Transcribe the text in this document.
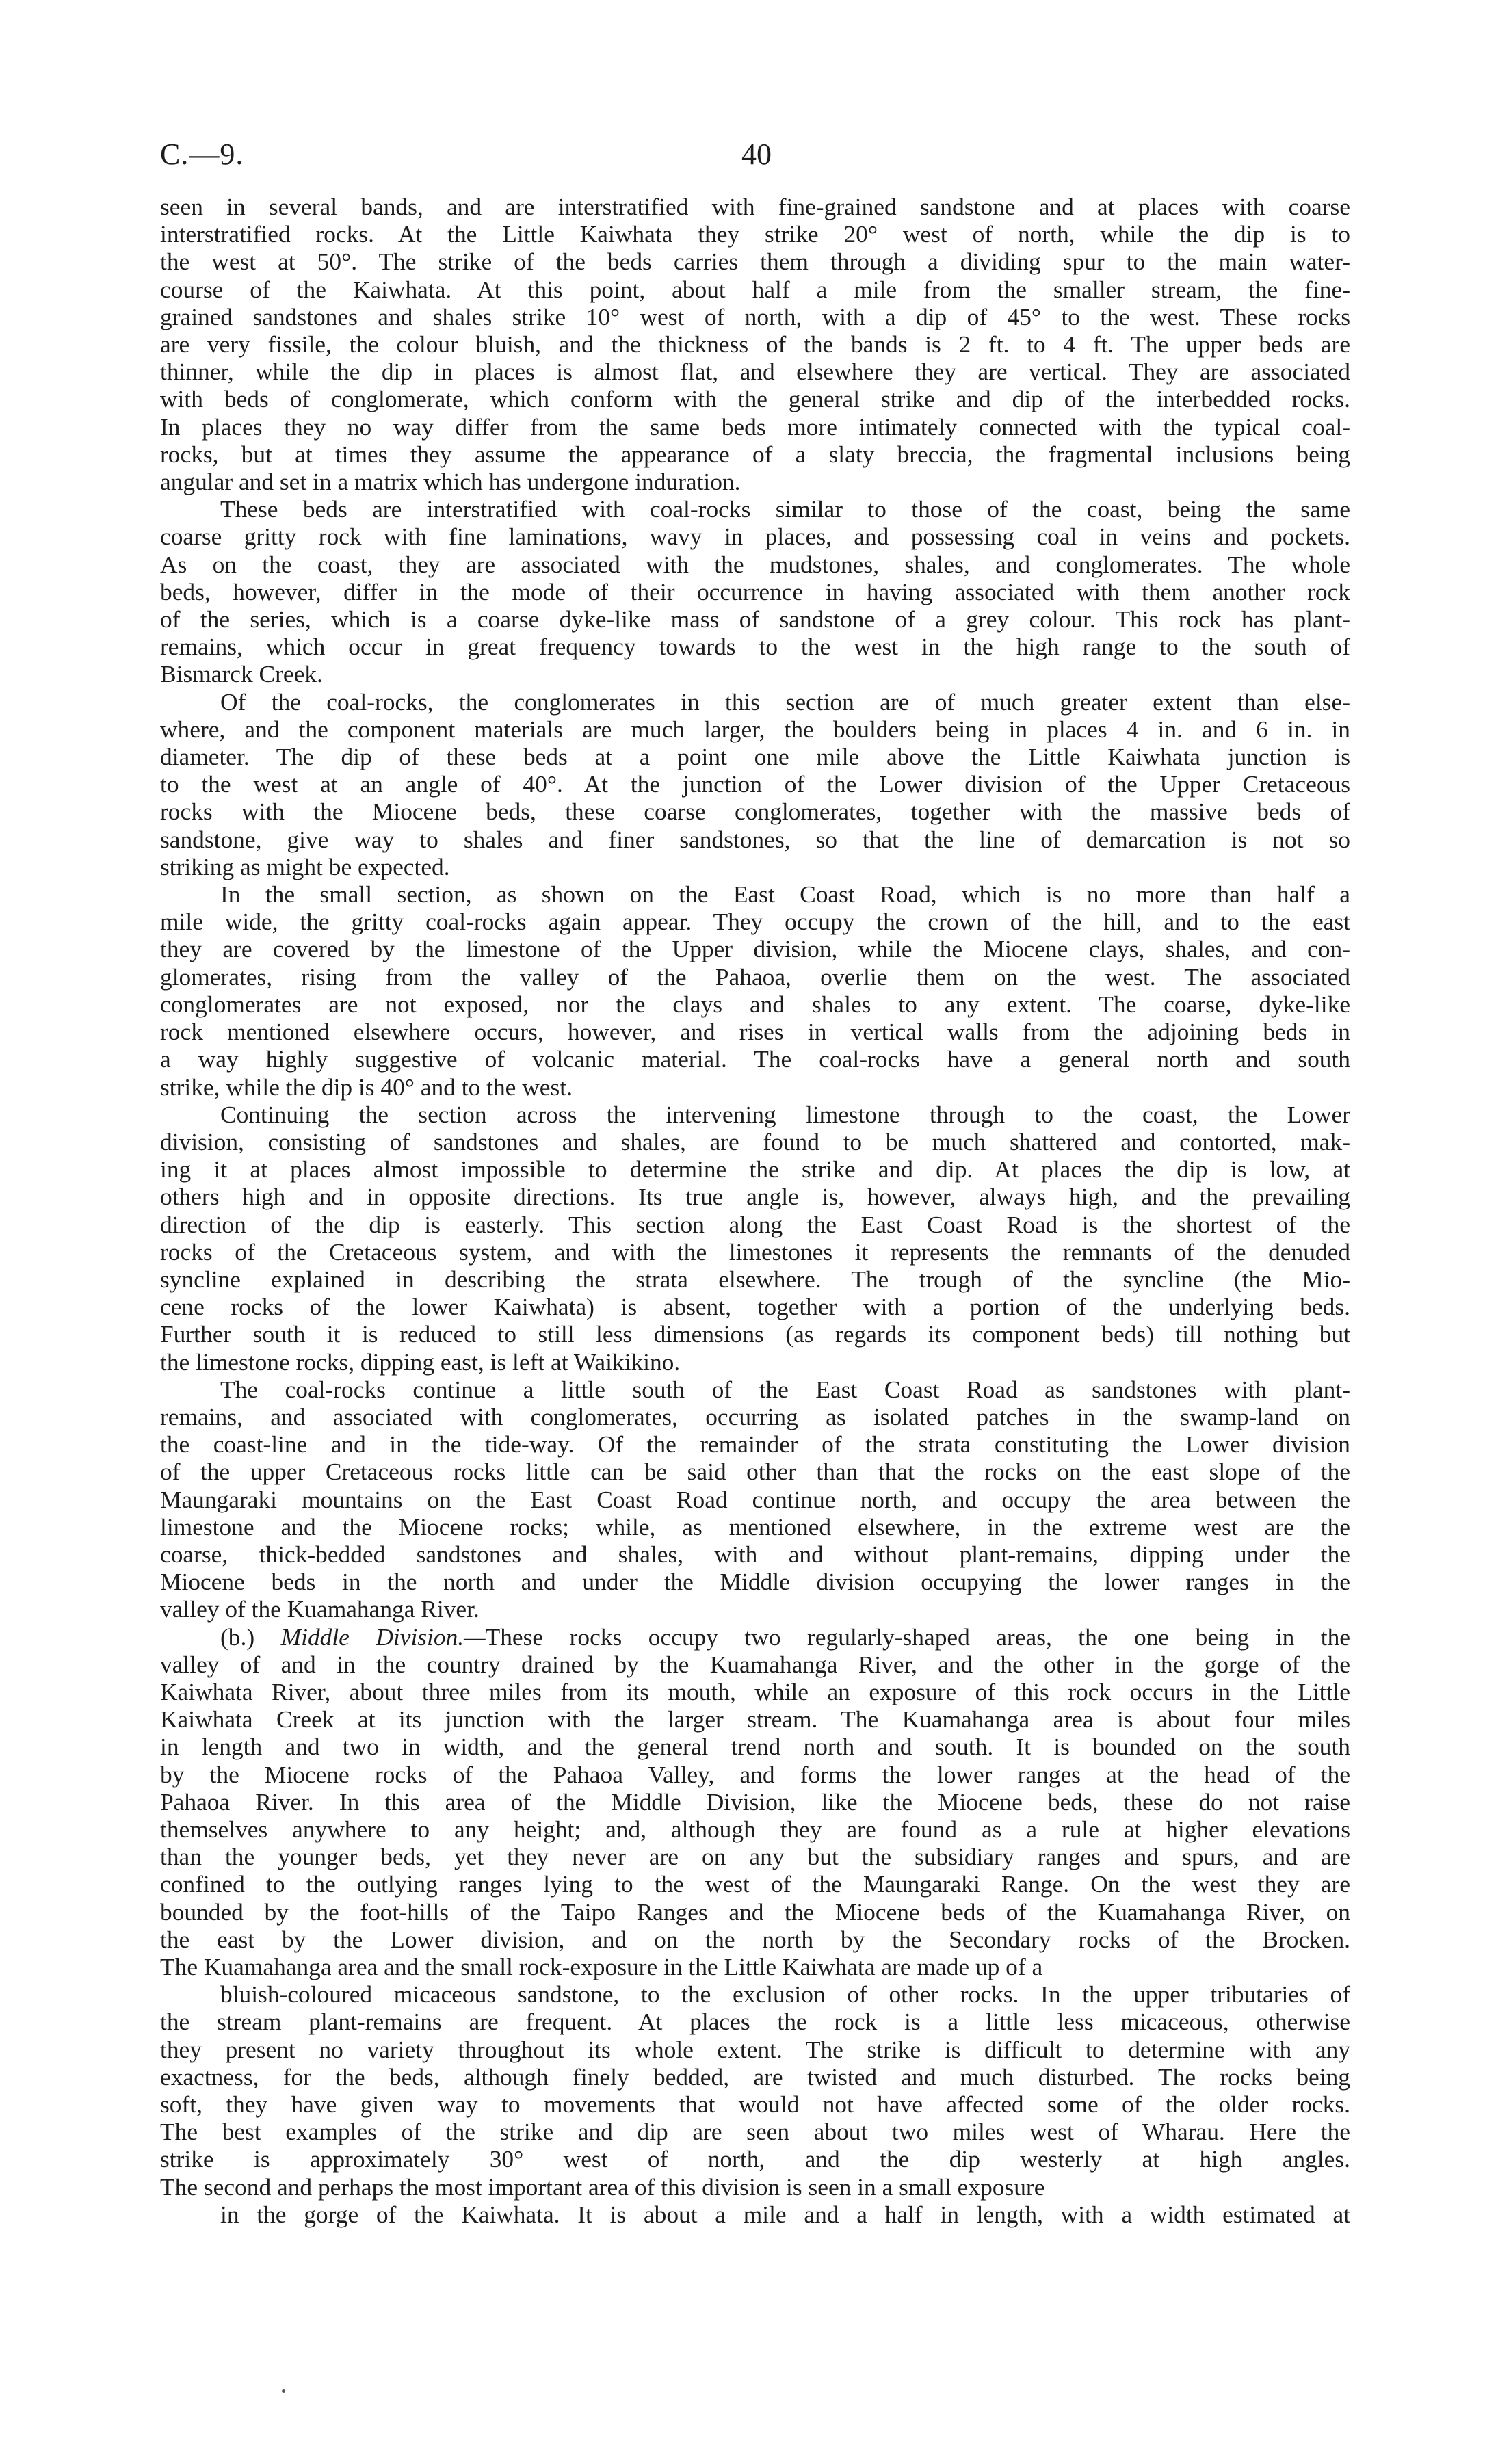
C.—9.	40
seen in several bands, and are interstratified with fine-grained sandstone and at places with coarse
interstratified rocks. At the Little Kaiwhata they strike 20° west of north, while the dip is to
the west at 50°. The strike of the beds carries them through a dividing spur to the main water-
course of the Kaiwhata. At this point, about half a mile from the smaller stream, the fine-
grained sandstones and shales strike 10° west of north, with a dip of 45° to the west. These rocks
are very fissile, the colour bluish, and the thickness of the bands is 2 ft. to 4 ft. The upper beds are
thinner, while the dip in places is almost flat, and elsewhere they are vertical. They are associated
with beds of conglomerate, which conform with the general strike and dip of the interbedded rocks.
In places they no way differ from the same beds more intimately connected with the typical coal-
rocks, but at times they assume the appearance of a slaty breccia, the fragmental inclusions being
angular and set in a matrix which has undergone induration.
These beds are interstratified with coal-rocks similar to those of the coast, being the same
coarse gritty rock with fine laminations, wavy in places, and possessing coal in veins and pockets.
As on the coast, they are associated with the mudstones, shales, and conglomerates. The whole
beds, however, differ in the mode of their occurrence in having associated with them another rock
of the series, which is a coarse dyke-like mass of sandstone of a grey colour. This rock has plant-
remains, which occur in great frequency towards to the west in the high range to the south of
Bismarck Creek.
Of the coal-rocks, the conglomerates in this section are of much greater extent than else-
where, and the component materials are much larger, the boulders being in places 4 in. and 6 in. in
diameter. The dip of these beds at a point one mile above the Little Kaiwhata junction is
to the west at an angle of 40°. At the junction of the Lower division of the Upper Cretaceous
rocks with the Miocene beds, these coarse conglomerates, together with the massive beds of
sandstone, give way to shales and finer sandstones, so that the line of demarcation is not so
striking as might be expected.
In the small section, as shown on the East Coast Road, which is no more than half a
mile wide, the gritty coal-rocks again appear. They occupy the crown of the hill, and to the east
they are covered by the limestone of the Upper division, while the Miocene clays, shales, and con-
glomerates, rising from the valley of the Pahaoa, overlie them on the west. The associated
conglomerates are not exposed, nor the clays and shales to any extent. The coarse, dyke-like
rock mentioned elsewhere occurs, however, and rises in vertical walls from the adjoining beds in
a way highly suggestive of volcanic material. The coal-rocks have a general north and south
strike, while the dip is 40° and to the west.
Continuing the section across the intervening limestone through to the coast, the Lower
division, consisting of sandstones and shales, are found to be much shattered and contorted, mak-
ing it at places almost impossible to determine the strike and dip. At places the dip is low, at
others high and in opposite directions. Its true angle is, however, always high, and the prevailing
direction of the dip is easterly. This section along the East Coast Road is the shortest of the
rocks of the Cretaceous system, and with the limestones it represents the remnants of the denuded
syncline explained in describing the strata elsewhere. The trough of the syncline (the Mio-
cene rocks of the lower Kaiwhata) is absent, together with a portion of the underlying beds.
Further south it is reduced to still less dimensions (as regards its component beds) till nothing but
the limestone rocks, dipping east, is left at Waikikino.
The coal-rocks continue a little south of the East Coast Road as sandstones with plant-
remains, and associated with conglomerates, occurring as isolated patches in the swamp-land on
the coast-line and in the tide-way. Of the remainder of the strata constituting the Lower division
of the upper Cretaceous rocks little can be said other than that the rocks on the east slope of the
Maungaraki mountains on the East Coast Road continue north, and occupy the area between the
limestone and the Miocene rocks; while, as mentioned elsewhere, in the extreme west are the
coarse, thick-bedded sandstones and shales, with and without plant-remains, dipping under the
Miocene beds in the north and under the Middle division occupying the lower ranges in the
valley of the Kuamahanga River.
(b.) Middle Division.—These rocks occupy two regularly-shaped areas, the one being in the
valley of and in the country drained by the Kuamahanga River, and the other in the gorge of the
Kaiwhata River, about three miles from its mouth, while an exposure of this rock occurs in the Little
Kaiwhata Creek at its junction with the larger stream. The Kuamahanga area is about four miles
in length and two in width, and the general trend north and south. It is bounded on the south
by the Miocene rocks of the Pahaoa Valley, and forms the lower ranges at the head of the
Pahaoa River. In this area of the Middle Division, like the Miocene beds, these do not raise
themselves anywhere to any height; and, although they are found as a rule at higher elevations
than the younger beds, yet they never are on any but the subsidiary ranges and spurs, and are
confined to the outlying ranges lying to the west of the Maungaraki Range. On the west they are
bounded by the foot-hills of the Taipo Ranges and the Miocene beds of the Kuamahanga River, on
the east by the Lower division, and on the north by the Secondary rocks of the Brocken.
The Kuamahanga area and the small rock-exposure in the Little Kaiwhata are made up of a
bluish-coloured micaceous sandstone, to the exclusion of other rocks. In the upper tributaries of
the stream plant-remains are frequent. At places the rock is a little less micaceous, otherwise
they present no variety throughout its whole extent. The strike is difficult to determine with any
exactness, for the beds, although finely bedded, are twisted and much disturbed. The rocks being
soft, they have given way to movements that would not have affected some of the older rocks.
The best examples of the strike and dip are seen about two miles west of Wharau. Here the
strike is approximately 30° west of north, and the dip westerly at high angles.
The second and perhaps the most important area of this division is seen in a small exposure
in the gorge of the Kaiwhata. It is about a mile and a half in length, with a width estimated at
